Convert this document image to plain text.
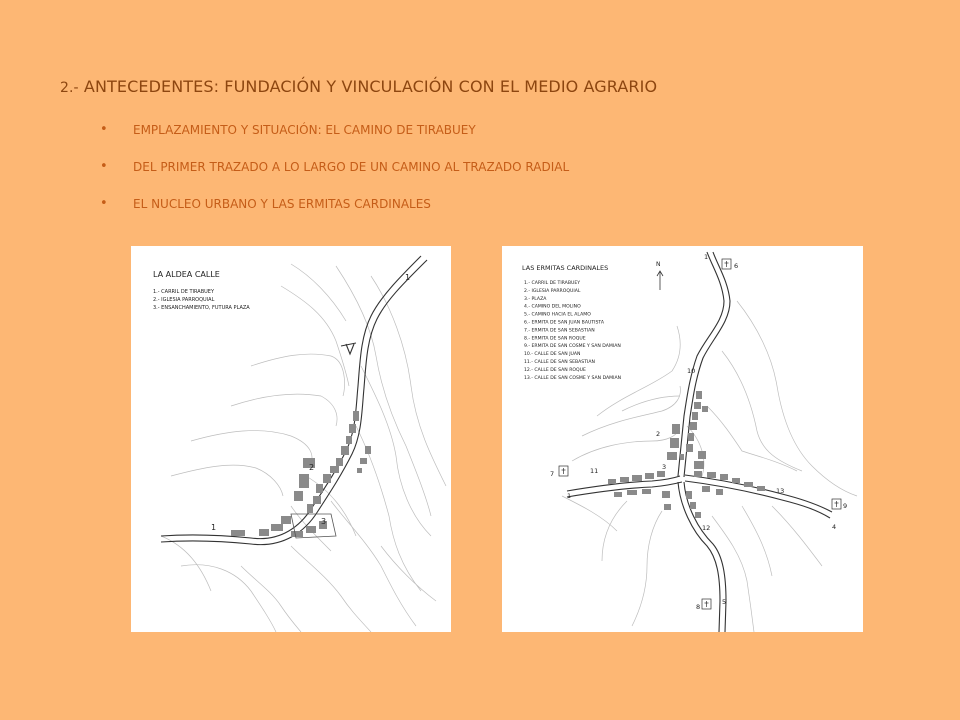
2.- ANTECEDENTES: FUNDACIÓN Y VINCULACIÓN CON EL MEDIO AGRARIO
• EMPLAZAMIENTO Y SITUACIÓN: EL CAMINO DE TIRABUEY
• DEL PRIMER TRAZADO A LO LARGO DE UN CAMINO AL TRAZADO RADIAL
• EL NUCLEO URBANO Y LAS ERMITAS CARDINALES
LA ALDEA CALLE
1.- CARRIL DE TIRABUEY
2.- IGLESIA PARROQUIAL
3.- ENSANCHAMIENTO, FUTURA PLAZA
1
1
2
3
N
LAS ERMITAS CARDINALES
1.- CARRIL DE TIRABUEY
2.- IGLESIA PARROQUIAL
3.- PLAZA
4.- CAMINO DEL MOLINO
5.- CAMINO HACIA EL ALAMO
6.- ERMITA DE SAN JUAN BAUTISTA
7.- ERMITA DE SAN SEBASTIAN
8.- ERMITA DE SAN ROQUE
9.- ERMITA DE SAN COSME Y SAN DAMIAN
10.- CALLE DE SAN JUAN
11.- CALLE DE SAN SEBASTIAN
12.- CALLE DE SAN ROQUE
13.- CALLE DE SAN COSME Y SAN DAMIAN
1
6
10
2
3
11
7
1
13
9
4
12
5
8
